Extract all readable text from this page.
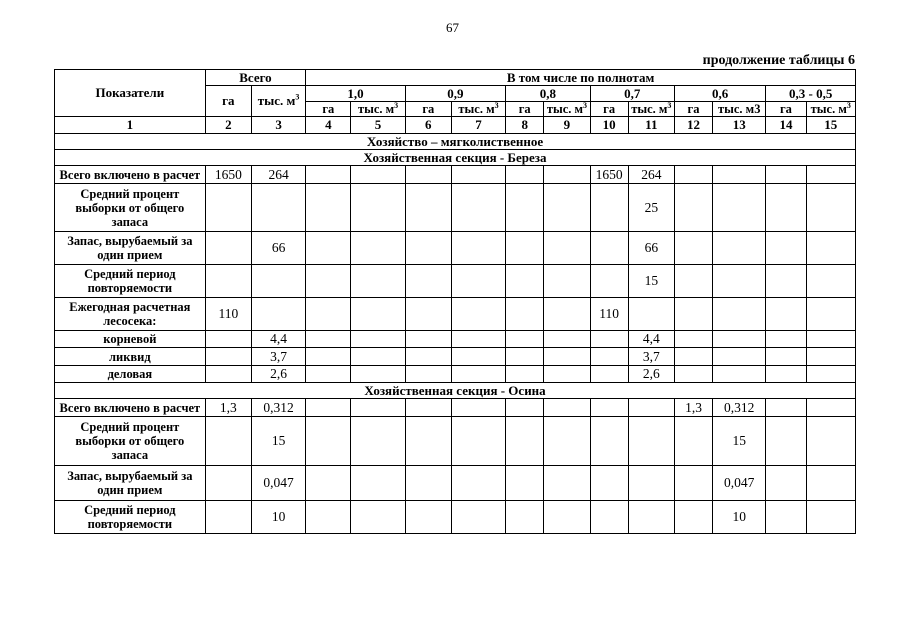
67
продолжение таблицы 6
Показатели	Всего		В том числе по полнотам											
	га	тыс. $м^3$	1,0		0,9		0,8		0,7		0,6		0,3 - 0,5	
			га	тыс. $м^3$	га	тыс. $м^3$	га	тыс. $м^3$	га	тыс. $м^3$	га	тыс. м3	га	тыс. $м^3$
1	2	3	4	5	6	7	8	9	10	11	12	13	14	15
Хозяйство – мягколиственное														
Хозяйственная секция - Береза														
Всего включено в расчет	1650	264							1650	264				
Средний процент выборки от общего запаса										25				
Запас, вырубаемый за один прием		66								66				
Средний период повторяемости										15				
Ежегодная расчетная лесосека:	110								110					
корневой		4,4								4,4				
ликвид		3,7								3,7				
деловая		2,6								2,6				
Хозяйственная секция - Осина														
Всего включено в расчет	1,3	0,312									1,3	0,312		
Средний процент выборки от общего запаса		15										15		
Запас, вырубаемый за один прием		0,047										0,047		
Средний период повторяемости		10										10		
